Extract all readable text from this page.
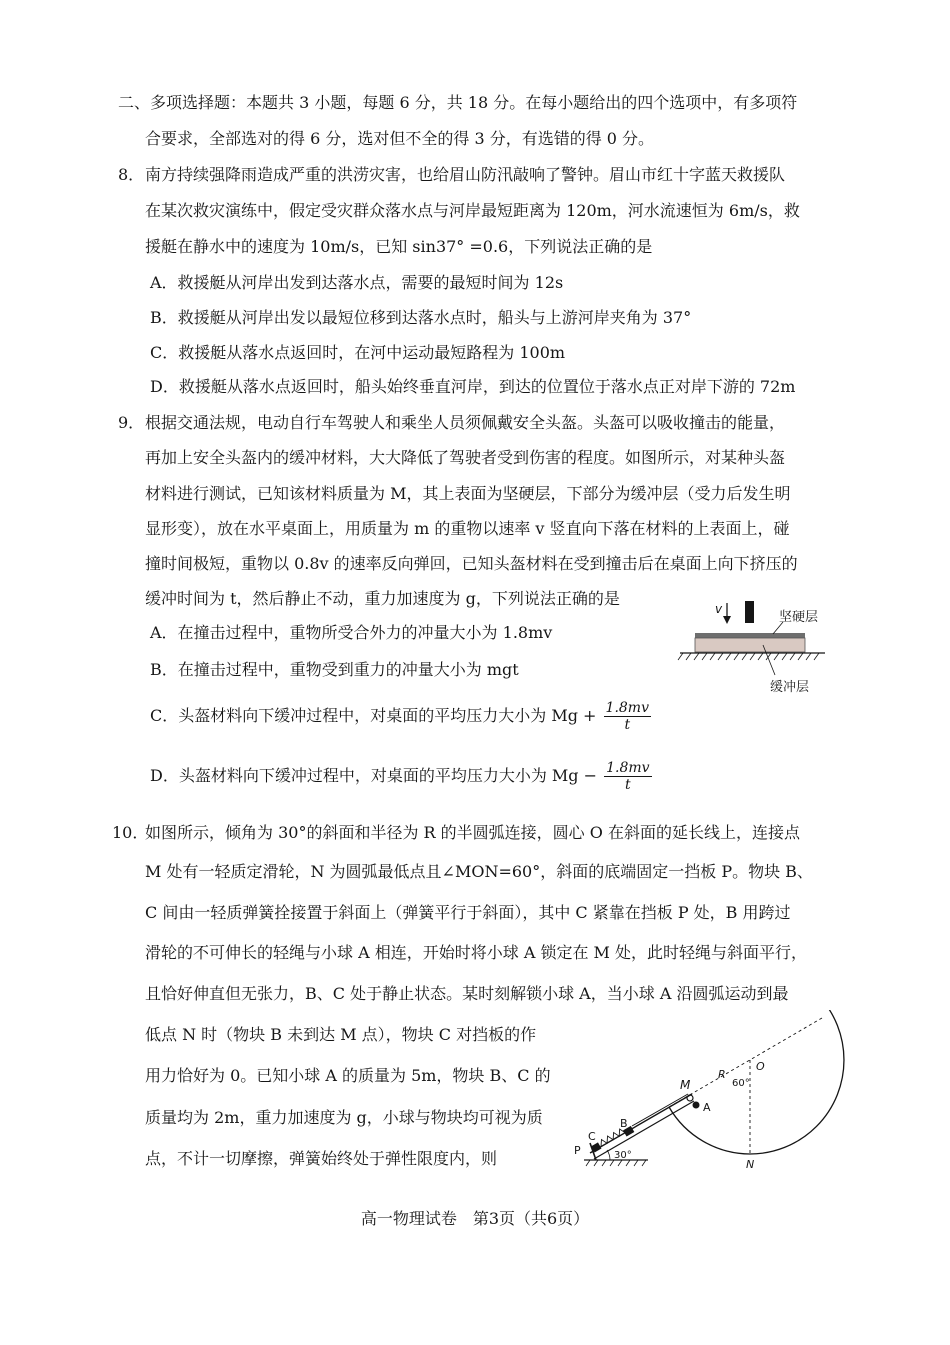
二、多项选择题：本题共 3 小题，每题 6 分，共 18 分。在每小题给出的四个选项中，有多项符
合要求，全部选对的得 6 分，选对但不全的得 3 分，有选错的得 0 分。
8． 南方持续强降雨造成严重的洪涝灾害，也给眉山防汛敲响了警钟。眉山市红十字蓝天救援队
在某次救灾演练中，假定受灾群众落水点与河岸最短距离为 120m，河水流速恒为 6m/s，救
援艇在静水中的速度为 10m/s，已知 sin37° =0.6，下列说法正确的是
A．救援艇从河岸出发到达落水点，需要的最短时间为 12s
B．救援艇从河岸出发以最短位移到达落水点时，船头与上游河岸夹角为 37°
C．救援艇从落水点返回时，在河中运动最短路程为 100m
D．救援艇从落水点返回时，船头始终垂直河岸，到达的位置位于落水点正对岸下游的 72m
9． 根据交通法规，电动自行车驾驶人和乘坐人员须佩戴安全头盔。头盔可以吸收撞击的能量，
再加上安全头盔内的缓冲材料，大大降低了驾驶者受到伤害的程度。如图所示，对某种头盔
材料进行测试，已知该材料质量为 M，其上表面为坚硬层，下部分为缓冲层（受力后发生明
显形变），放在水平桌面上，用质量为 m 的重物以速率 v 竖直向下落在材料的上表面上，碰
撞时间极短，重物以 0.8v 的速率反向弹回，已知头盔材料在受到撞击后在桌面上向下挤压的
缓冲时间为 t，然后静止不动，重力加速度为 g，下列说法正确的是
A．在撞击过程中，重物所受合外力的冲量大小为 1.8mv
B．在撞击过程中，重物受到重力的冲量大小为 mgt
C．头盔材料向下缓冲过程中，对桌面的平均压力大小为 $Mg + \frac{1.8mv}{t}$
D．头盔材料向下缓冲过程中，对桌面的平均压力大小为 $Mg - \frac{1.8mv}{t}$
v
坚硬层
缓冲层
10．
如图所示，倾角为 30°的斜面和半径为 R 的半圆弧连接，圆心 O 在斜面的延长线上，连接点
M 处有一轻质定滑轮，N 为圆弧最低点且∠MON=60°，斜面的底端固定一挡板 P。物块 B、
C 间由一轻质弹簧拴接置于斜面上（弹簧平行于斜面），其中 C 紧靠在挡板 P 处，B 用跨过
滑轮的不可伸长的轻绳与小球 A 相连，开始时将小球 A 锁定在 M 处，此时轻绳与斜面平行，
且恰好伸直但无张力，B、C 处于静止状态。某时刻解锁小球 A，当小球 A 沿圆弧运动到最
低点 N 时（物块 B 未到达 M 点），物块 C 对挡板的作
用力恰好为 0。已知小球 A 的质量为 5m，物块 B、C 的
质量均为 2m，重力加速度为 g，小球与物块均可视为质
点，不计一切摩擦，弹簧始终处于弹性限度内，则
M
A
B
C
P
N
O
R
60°
30°
高一物理试卷　第3页（共6页）
